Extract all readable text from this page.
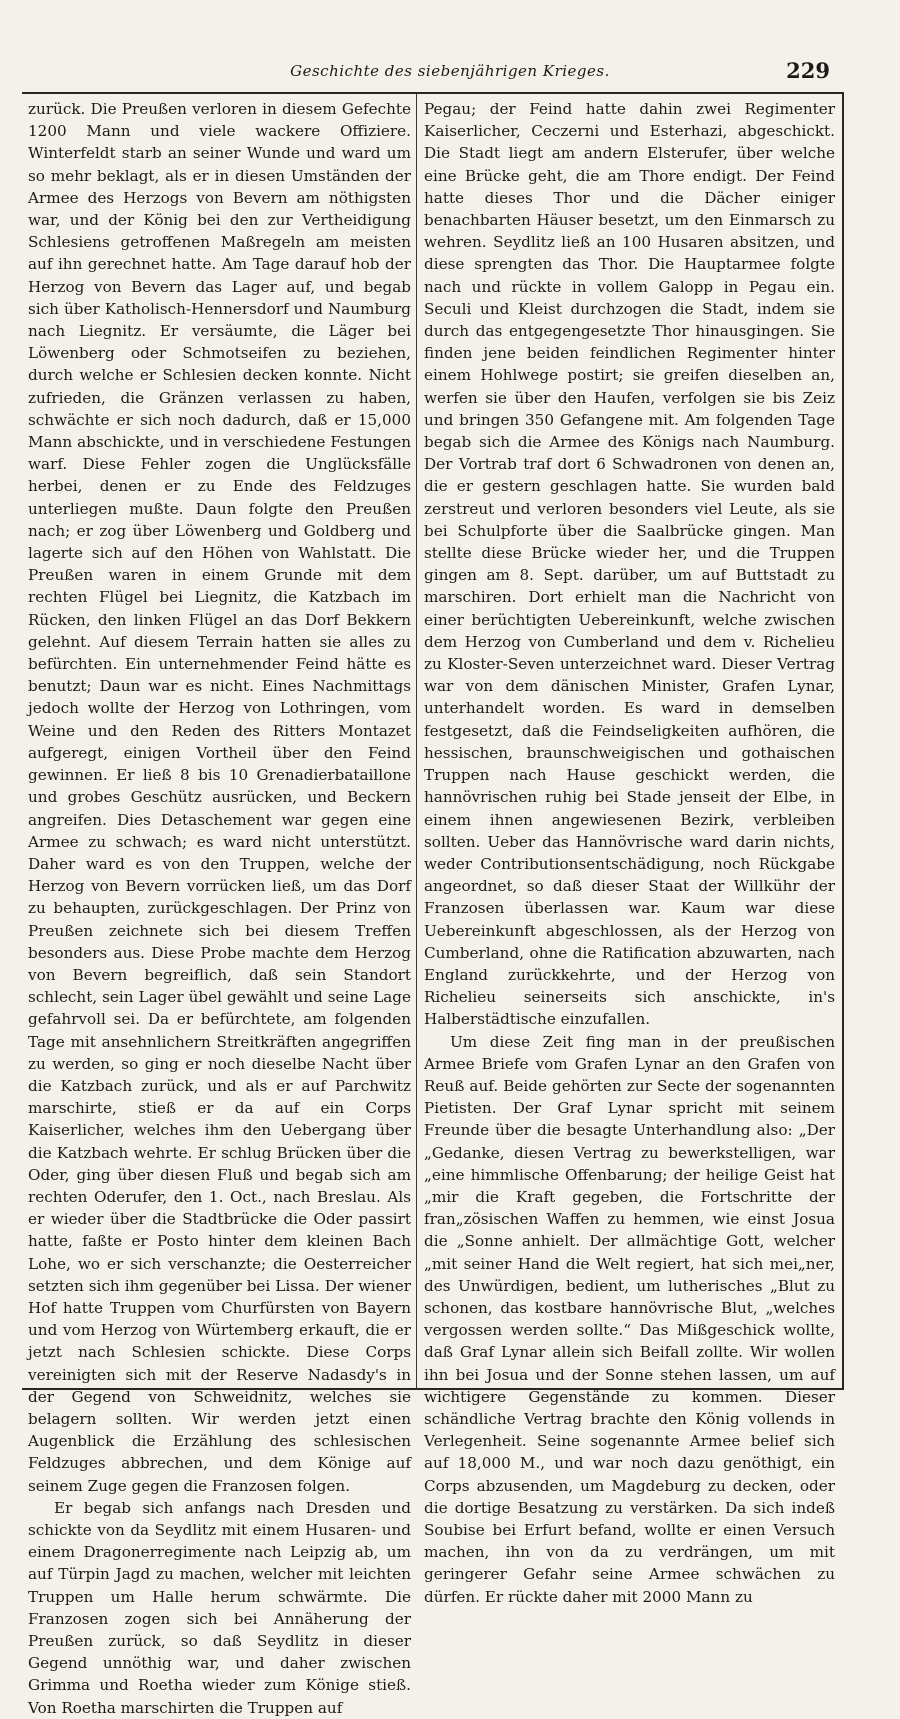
Geschichte des siebenjährigen Krieges.	229

zurück. Die Preußen verloren in diesem Gefechte 1200 Mann und viele wackere Offiziere. Winterfeldt starb an seiner Wunde und ward um so mehr beklagt, als er in diesen Umständen der Armee des Herzogs von Bevern am nöthigsten war, und der König bei den zur Vertheidigung Schlesiens getroffenen Maßregeln am meisten auf ihn gerechnet hatte. Am Tage darauf hob der Herzog von Bevern das Lager auf, und begab sich über Katholisch-Hennersdorf und Naumburg nach Liegnitz. Er versäumte, die Läger bei Löwenberg oder Schmotseifen zu beziehen, durch welche er Schlesien decken konnte. Nicht zufrieden, die Gränzen verlassen zu haben, schwächte er sich noch dadurch, daß er 15,000 Mann abschickte, und in verschiedene Festungen warf. Diese Fehler zogen die Unglücksfälle herbei, denen er zu Ende des Feldzuges unterliegen mußte. Daun folgte den Preußen nach; er zog über Löwenberg und Goldberg und lagerte sich auf den Höhen von Wahlstatt. Die Preußen waren in einem Grunde mit dem rechten Flügel bei Liegnitz, die Katzbach im Rücken, den linken Flügel an das Dorf Bekkern gelehnt. Auf diesem Terrain hatten sie alles zu befürchten. Ein unternehmender Feind hätte es benutzt; Daun war es nicht. Eines Nachmittags jedoch wollte der Herzog von Lothringen, vom Weine und den Reden des Ritters Montazet aufgeregt, einigen Vortheil über den Feind gewinnen. Er ließ 8 bis 10 Grenadierbataillone und grobes Geschütz ausrücken, und Beckern angreifen. Dies Detaschement war gegen eine Armee zu schwach; es ward nicht unterstützt. Daher ward es von den Truppen, welche der Herzog von Bevern vorrücken ließ, um das Dorf zu behaupten, zurückgeschlagen. Der Prinz von Preußen zeichnete sich bei diesem Treffen besonders aus. Diese Probe machte dem Herzog von Bevern begreiflich, daß sein Standort schlecht, sein Lager übel gewählt und seine Lage gefahrvoll sei. Da er befürchtete, am folgenden Tage mit ansehnlichern Streitkräften angegriffen zu werden, so ging er noch dieselbe Nacht über die Katzbach zurück, und als er auf Parchwitz marschirte, stieß er da auf ein Corps Kaiserlicher, welches ihm den Uebergang über die Katzbach wehrte. Er schlug Brücken über die Oder, ging über diesen Fluß und begab sich am rechten Oderufer, den 1. Oct., nach Breslau. Als er wieder über die Stadtbrücke die Oder passirt hatte, faßte er Posto hinter dem kleinen Bach Lohe, wo er sich verschanzte; die Oesterreicher setzten sich ihm gegenüber bei Lissa. Der wiener Hof hatte Truppen vom Churfürsten von Bayern und vom Herzog von Würtemberg erkauft, die er jetzt nach Schlesien schickte. Diese Corps vereinigten sich mit der Reserve Nadasdy's in der Gegend von Schweidnitz, welches sie belagern sollten. Wir werden jetzt einen Augenblick die Erzählung des schlesischen Feldzuges abbrechen, und dem Könige auf seinem Zuge gegen die Franzosen folgen.

Er begab sich anfangs nach Dresden und schickte von da Seydlitz mit einem Husaren- und einem Dragonerregimente nach Leipzig ab, um auf Türpin Jagd zu machen, welcher mit leichten Truppen um Halle herum schwärmte. Die Franzosen zogen sich bei Annäherung der Preußen zurück, so daß Seydlitz in dieser Gegend unnöthig war, und daher zwischen Grimma und Roetha wieder zum Könige stieß. Von Roetha marschirten die Truppen auf

Pegau; der Feind hatte dahin zwei Regimenter Kaiserlicher, Ceczerni und Esterhazi, abgeschickt. Die Stadt liegt am andern Elsterufer, über welche eine Brücke geht, die am Thore endigt. Der Feind hatte dieses Thor und die Dächer einiger benachbarten Häuser besetzt, um den Einmarsch zu wehren. Seydlitz ließ an 100 Husaren absitzen, und diese sprengten das Thor. Die Hauptarmee folgte nach und rückte in vollem Galopp in Pegau ein. Seculi und Kleist durchzogen die Stadt, indem sie durch das entgegengesetzte Thor hinausgingen. Sie finden jene beiden feindlichen Regimenter hinter einem Hohlwege postirt; sie greifen dieselben an, werfen sie über den Haufen, verfolgen sie bis Zeiz und bringen 350 Gefangene mit. Am folgenden Tage begab sich die Armee des Königs nach Naumburg. Der Vortrab traf dort 6 Schwadronen von denen an, die er gestern geschlagen hatte. Sie wurden bald zerstreut und verloren besonders viel Leute, als sie bei Schulpforte über die Saalbrücke gingen. Man stellte diese Brücke wieder her, und die Truppen gingen am 8. Sept. darüber, um auf Buttstadt zu marschiren. Dort erhielt man die Nachricht von einer berüchtigten Uebereinkunft, welche zwischen dem Herzog von Cumberland und dem v. Richelieu zu Kloster-Seven unterzeichnet ward. Dieser Vertrag war von dem dänischen Minister, Grafen Lynar, unterhandelt worden. Es ward in demselben festgesetzt, daß die Feindseligkeiten aufhören, die hessischen, braunschweigischen und gothaischen Truppen nach Hause geschickt werden, die hannövrischen ruhig bei Stade jenseit der Elbe, in einem ihnen angewiesenen Bezirk, verbleiben sollten. Ueber das Hannövrische ward darin nichts, weder Contributionsentschädigung, noch Rückgabe angeordnet, so daß dieser Staat der Willkühr der Franzosen überlassen war. Kaum war diese Uebereinkunft abgeschlossen, als der Herzog von Cumberland, ohne die Ratification abzuwarten, nach England zurückkehrte, und der Herzog von Richelieu seinerseits sich anschickte, in's Halberstädtische einzufallen.

Um diese Zeit fing man in der preußischen Armee Briefe vom Grafen Lynar an den Grafen von Reuß auf. Beide gehörten zur Secte der sogenannten Pietisten. Der Graf Lynar spricht mit seinem Freunde über die besagte Unterhandlung also: „Der „Gedanke, diesen Vertrag zu bewerkstelligen, war „eine himmlische Offenbarung; der heilige Geist hat „mir die Kraft gegeben, die Fortschritte der fran„zösischen Waffen zu hemmen, wie einst Josua die „Sonne anhielt. Der allmächtige Gott, welcher „mit seiner Hand die Welt regiert, hat sich mei„ner, des Unwürdigen, bedient, um lutherisches „Blut zu schonen, das kostbare hannövrische Blut, „welches vergossen werden sollte.“ Das Mißgeschick wollte, daß Graf Lynar allein sich Beifall zollte. Wir wollen ihn bei Josua und der Sonne stehen lassen, um auf wichtigere Gegenstände zu kommen. Dieser schändliche Vertrag brachte den König vollends in Verlegenheit. Seine sogenannte Armee belief sich auf 18,000 M., und war noch dazu genöthigt, ein Corps abzusenden, um Magdeburg zu decken, oder die dortige Besatzung zu verstärken. Da sich indeß Soubise bei Erfurt befand, wollte er einen Versuch machen, ihn von da zu verdrängen, um mit geringerer Gefahr seine Armee schwächen zu dürfen. Er rückte daher mit 2000 Mann zu
